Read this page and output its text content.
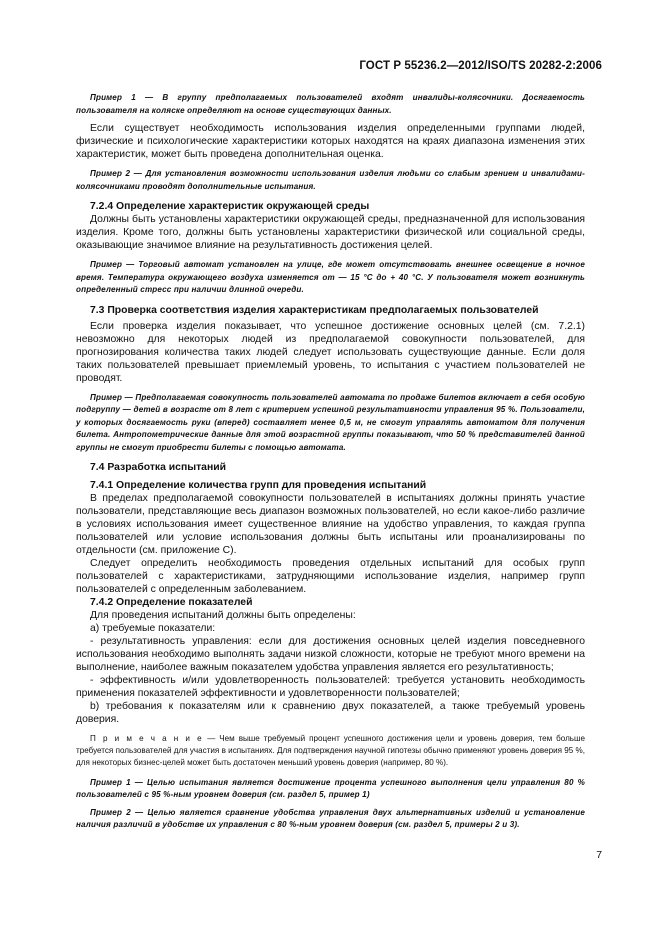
ГОСТ Р 55236.2—2012/ISO/TS 20282-2:2006

Пример 1 — В группу предполагаемых пользователей входят инвалиды-колясочники. Досягаемость пользователя на коляске определяют на основе существующих данных.

Если существует необходимость использования изделия определенными группами людей, физические и психологические характеристики которых находятся на краях диапазона изменения этих характеристик, может быть проведена дополнительная оценка.

Пример 2 — Для установления возможности использования изделия людьми со слабым зрением и инвалидами-колясочниками проводят дополнительные испытания.

7.2.4 Определение характеристик окружающей среды

Должны быть установлены характеристики окружающей среды, предназначенной для использования изделия. Кроме того, должны быть установлены характеристики физической или социальной среды, оказывающие значимое влияние на результативность достижения целей.

Пример — Торговый автомат установлен на улице, где может отсутствовать внешнее освещение в ночное время. Температура окружающего воздуха изменяется от — 15 °С до + 40 °С. У пользователя может возникнуть определенный стресс при наличии длинной очереди.

7.3 Проверка соответствия изделия характеристикам предполагаемых пользователей

Если проверка изделия показывает, что успешное достижение основных целей (см. 7.2.1) невозможно для некоторых людей из предполагаемой совокупности пользователей, для прогнозирования количества таких людей следует использовать существующие данные. Если доля таких пользователей превышает приемлемый уровень, то испытания с участием пользователей не проводят.

Пример — Предполагаемая совокупность пользователей автомата по продаже билетов включает в себя особую подгруппу — детей в возрасте от 8 лет с критерием успешной результативности управления 95 %. Пользователи, у которых досягаемость руки (вперед) составляет менее 0,5 м, не смогут управлять автоматом для получения билета. Антропометрические данные для этой возрастной группы показывают, что 50 % представителей данной группы не смогут приобрести билеты с помощью автомата.

7.4 Разработка испытаний

7.4.1 Определение количества групп для проведения испытаний

В пределах предполагаемой совокупности пользователей в испытаниях должны принять участие пользователи, представляющие весь диапазон возможных пользователей, но если какое-либо различие в условиях использования имеет существенное влияние на удобство управления, то каждая группа пользователей или условие использования должны быть испытаны или проанализированы по отдельности (см. приложение С).

Следует определить необходимость проведения отдельных испытаний для особых групп пользователей с характеристиками, затрудняющими использование изделия, например групп пользователей с определенным заболеванием.

7.4.2 Определение показателей

Для проведения испытаний должны быть определены:

а) требуемые показатели:

- результативность управления: если для достижения основных целей изделия повседневного использования необходимо выполнять задачи низкой сложности, которые не требуют много времени на выполнение, наиболее важным показателем удобства управления является его результативность;

- эффективность и/или удовлетворенность пользователей: требуется установить необходимость применения показателей эффективности и удовлетворенности пользователей;

b) требования к показателям или к сравнению двух показателей, а также требуемый уровень доверия.

П р и м е ч а н и е — Чем выше требуемый процент успешного достижения цели и уровень доверия, тем больше требуется пользователей для участия в испытаниях. Для подтверждения научной гипотезы обычно применяют уровень доверия 95 %, для некоторых бизнес-целей может быть достаточен меньший уровень доверия (например, 80 %).

Пример 1 — Целью испытания является достижение процента успешного выполнения цели управления 80 % пользователей с 95 %-ным уровнем доверия (см. раздел 5, пример 1)

Пример 2 — Целью является сравнение удобства управления двух альтернативных изделий и установление наличия различий в удобстве их управления с 80 %-ным уровнем доверия (см. раздел 5, примеры 2 и 3).

7
